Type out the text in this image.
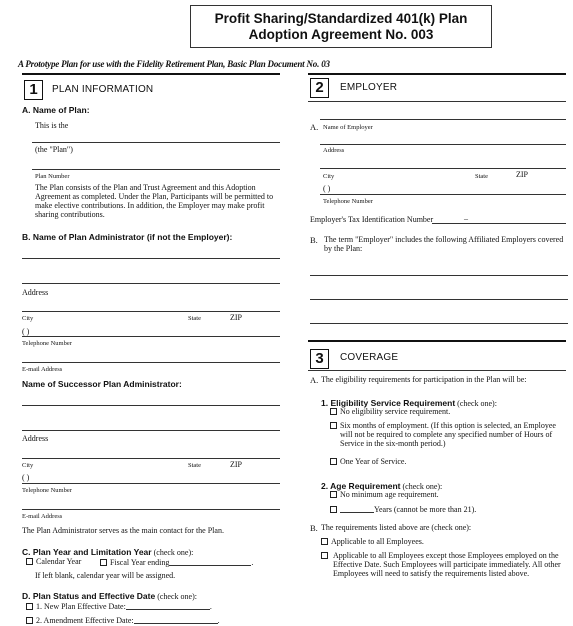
Profit Sharing/Standardized 401(k) Plan
Adoption Agreement No. 003
A Prototype Plan for use with the Fidelity Retirement Plan, Basic Plan Document No. 03
1	PLAN INFORMATION
A. Name of Plan:
This is the
(the "Plan")
Plan Number
The Plan consists of the Plan and Trust Agreement and this Adoption Agreement as completed. Under the Plan, Participants will be permitted to make elective contributions. In addition, the Employer may make profit sharing contributions.
B. Name of Plan Administrator (if not the Employer):
Address
City	State	ZIP
( )
Telephone Number
E-mail Address
Name of Successor Plan Administrator:
Address
City	State	ZIP
( )
Telephone Number
E-mail Address
The Plan Administrator serves as the main contact for the Plan.
C. Plan Year and Limitation Year (check one):
Calendar Year	Fiscal Year ending	.
If left blank, calendar year will be assigned.
D. Plan Status and Effective Date (check one):
1. New Plan Effective Date:	.
2. Amendment Effective Date:	.
2	EMPLOYER
A. Name of Employer
Address
City	State	ZIP
( )
Telephone Number
Employer's Tax Identification Number	–
B. The term "Employer" includes the following Affiliated Employers covered by the Plan:
3	COVERAGE
A. The eligibility requirements for participation in the Plan will be:
1. Eligibility Service Requirement (check one):
No eligibility service requirement.
Six months of employment. (If this option is selected, an Employee will not be required to complete any specified number of Hours of Service in the six-month period.)
One Year of Service.
2. Age Requirement (check one):
No minimum age requirement.
Years (cannot be more than 21).
B. The requirements listed above are (check one):
Applicable to all Employees.
Applicable to all Employees except those Employees employed on the Effective Date. Such Employees will participate immediately. All other Employees will need to satisfy the requirements listed above.
